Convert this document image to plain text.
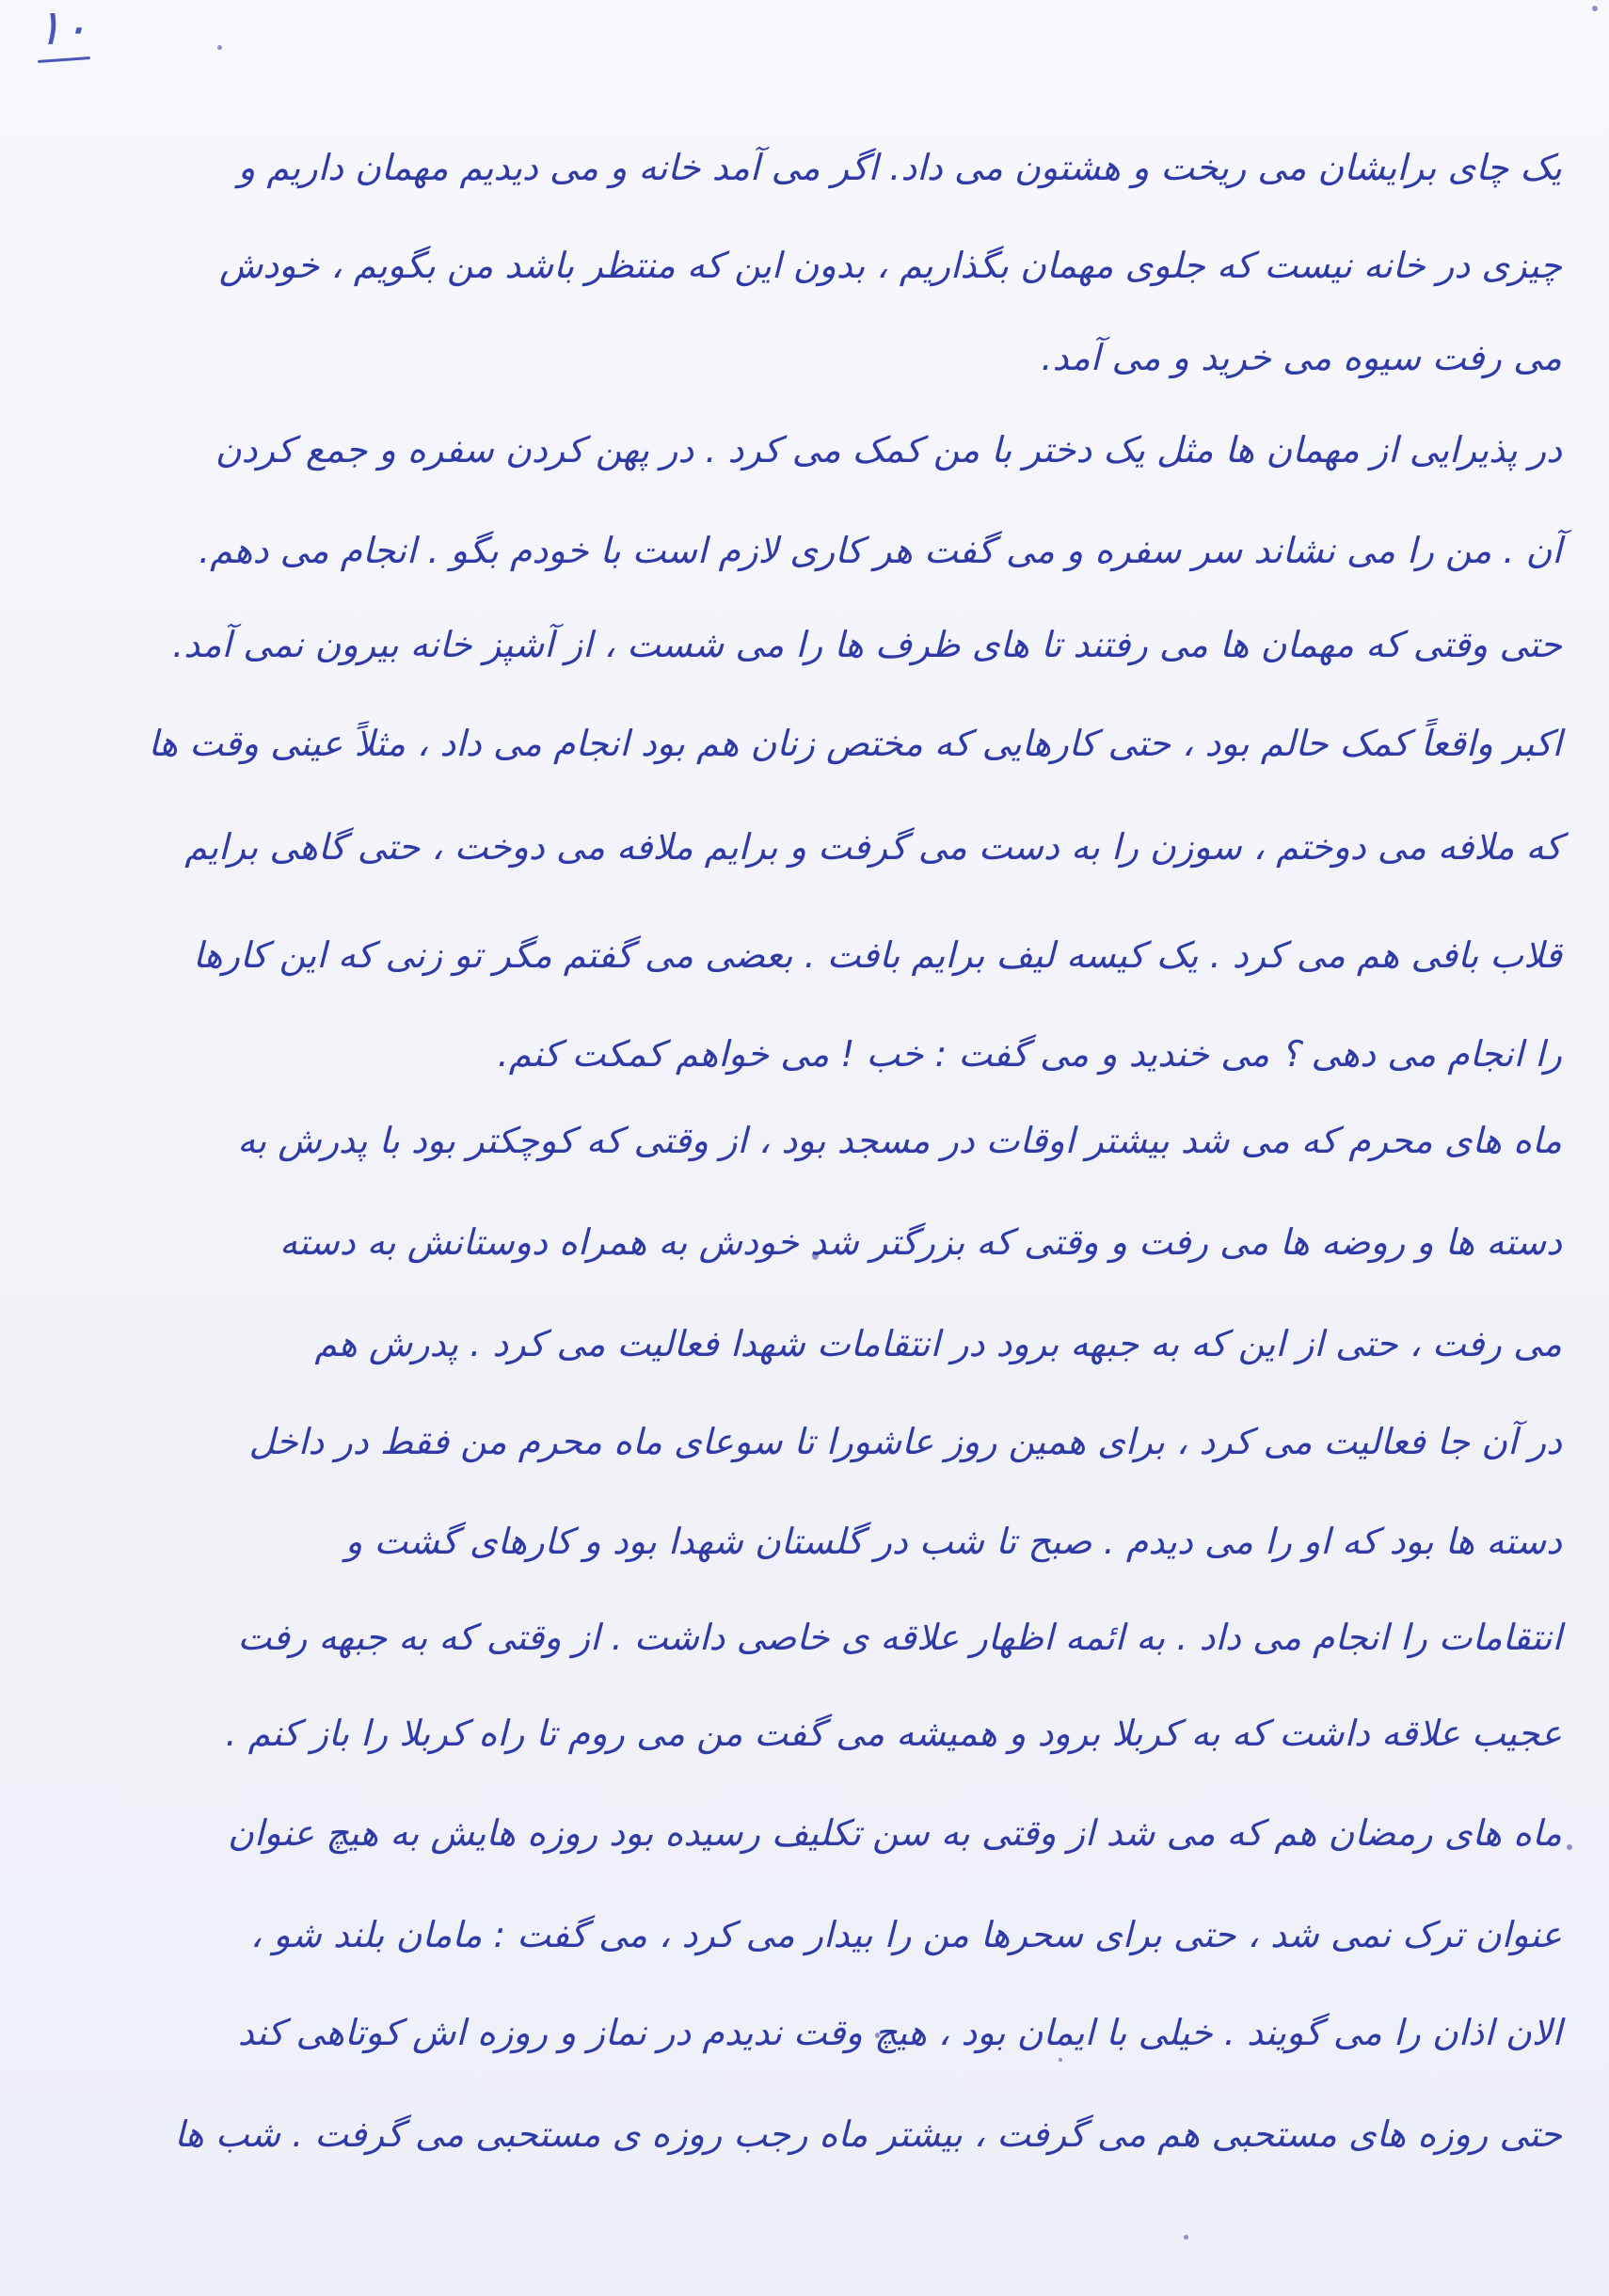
۱۰
یک چای برایشان می ریخت و هشتون می داد. اگر می آمد خانه و می دیدیم مهمان داریم و
چیزی در خانه نیست که جلوی مهمان بگذاریم ، بدون این که منتظر باشد من بگویم ، خودش
می رفت سیوه می خرید و می آمد.
در پذیرایی از مهمان ها مثل یک دختر با من کمک می کرد . در پهن کردن سفره و جمع کردن
آن . من را می نشاند سر سفره و می گفت هر کاری لازم است با خودم بگو . انجام می دهم.
حتی وقتی که مهمان ها می رفتند تا های ظرف ها را می شست ، از آشپز خانه بیرون نمی آمد.
اکبر واقعاً کمک حالم بود ، حتی کارهایی که مختص زنان هم بود انجام می داد ، مثلاً عینی وقت ها
که ملافه می دوختم ، سوزن را به دست می گرفت و برایم ملافه می دوخت ، حتی گاهی برایم
قلاب بافی هم می کرد . یک کیسه لیف برایم بافت . بعضی می گفتم مگر تو زنی که این کارها
را انجام می دهی ؟ می خندید و می گفت : خب ! می خواهم کمکت کنم.
ماه های محرم که می شد بیشتر اوقات در مسجد بود ، از وقتی که کوچکتر بود با پدرش به
دسته ها و روضه ها می رفت و وقتی که بزرگتر شد خودش به همراه دوستانش به دسته
می رفت ، حتی از این که به جبهه برود در انتقامات شهدا فعالیت می کرد . پدرش هم
در آن جا فعالیت می کرد ، برای همین روز عاشورا تا سوعای ماه محرم من فقط در داخل
دسته ها بود که او را می دیدم . صبح تا شب در گلستان شهدا بود و کارهای گشت و
انتقامات را انجام می داد . به ائمه اظهار علاقه ی خاصی داشت . از وقتی که به جبهه رفت
عجیب علاقه داشت که به کربلا برود و همیشه می گفت من می روم تا راه کربلا را باز کنم .
ماه های رمضان هم که می شد از وقتی به سن تکلیف رسیده بود روزه هایش به هیچ عنوان
عنوان ترک نمی شد ، حتی برای سحرها من را بیدار می کرد ، می گفت : مامان بلند شو ،
الان اذان را می گویند . خیلی با ایمان بود ، هیچ وقت ندیدم در نماز و روزه اش کوتاهی کند
حتی روزه های مستحبی هم می گرفت ، بیشتر ماه رجب روزه ی مستحبی می گرفت . شب ها
